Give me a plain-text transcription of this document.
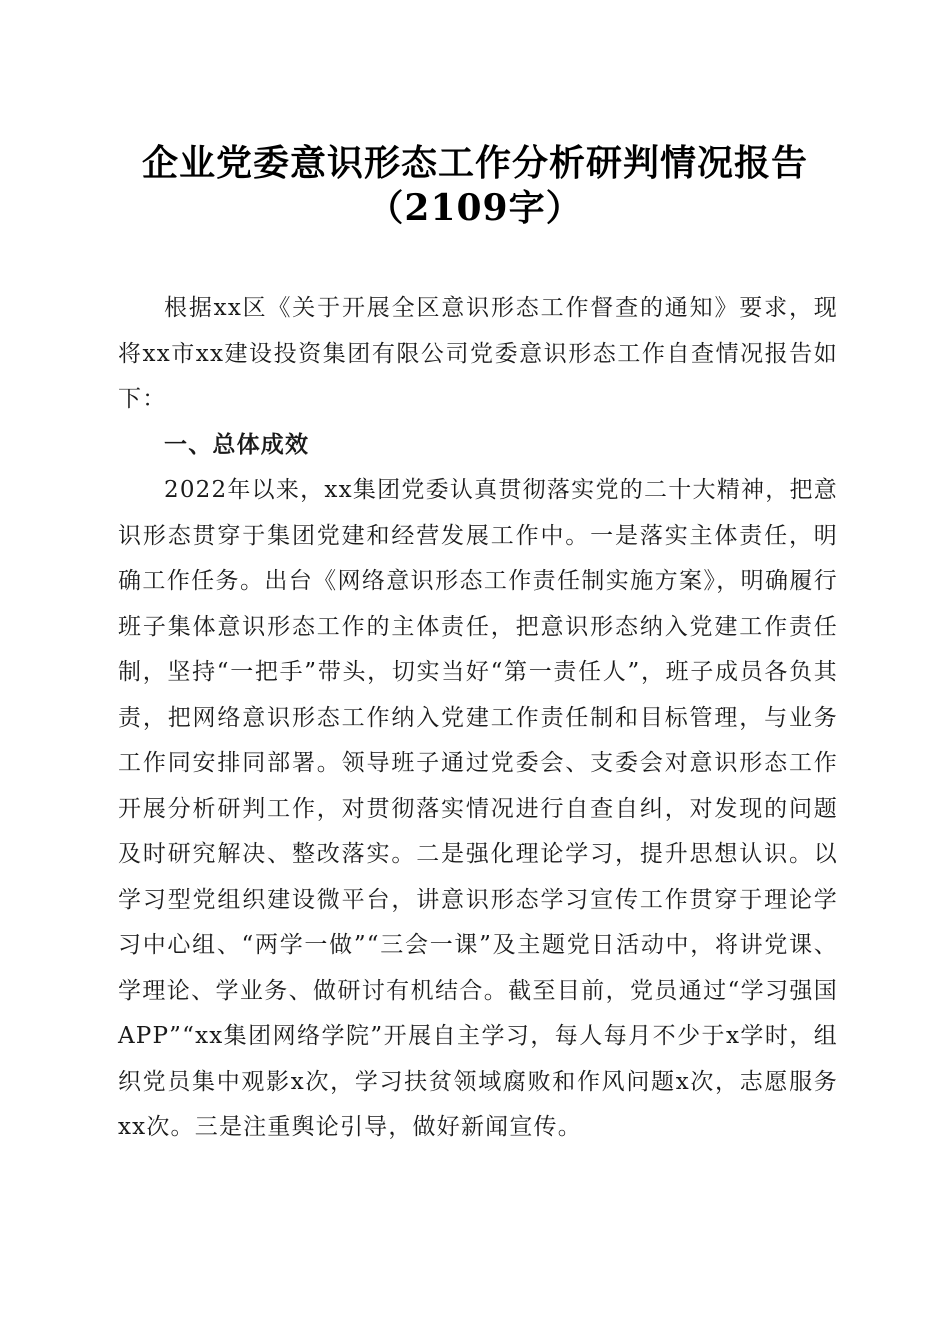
企业党委意识形态工作分析研判情况报告
（2109字）

根据xx区《关于开展全区意识形态工作督查的通知》要求，现将xx市xx建设投资集团有限公司党委意识形态工作自查情况报告如下：

一、总体成效

2022年以来，xx集团党委认真贯彻落实党的二十大精神，把意识形态贯穿于集团党建和经营发展工作中。一是落实主体责任，明确工作任务。出台《网络意识形态工作责任制实施方案》，明确履行班子集体意识形态工作的主体责任，把意识形态纳入党建工作责任制，坚持“一把手”带头，切实当好“第一责任人”，班子成员各负其责，把网络意识形态工作纳入党建工作责任制和目标管理，与业务工作同安排同部署。领导班子通过党委会、支委会对意识形态工作开展分析研判工作，对贯彻落实情况进行自查自纠，对发现的问题及时研究解决、整改落实。二是强化理论学习，提升思想认识。以学习型党组织建设微平台，讲意识形态学习宣传工作贯穿于理论学习中心组、“两学一做”“三会一课”及主题党日活动中，将讲党课、学理论、学业务、做研讨有机结合。截至目前，党员通过“学习强国APP”“xx集团网络学院”开展自主学习，每人每月不少于x学时，组织党员集中观影x次，学习扶贫领域腐败和作风问题x次，志愿服务xx次。三是注重舆论引导，做好新闻宣传。
